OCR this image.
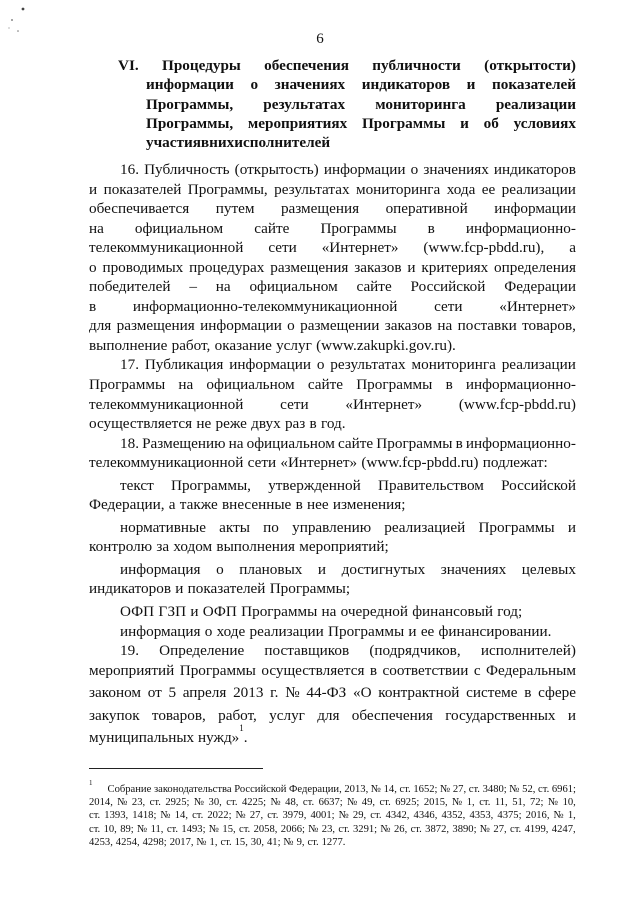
6
VI. Процедуры обеспечения публичности (открытости)
информации о значениях индикаторов и показателей
Программы, результатах мониторинга реализации
Программы, мероприятиях Программы и об условиях
участия в них исполнителей
16. Публичность (открытость) информации о значениях индикаторов
и показателей Программы, результатах мониторинга хода ее реализации
обеспечивается путем размещения оперативной информации
на официальном сайте Программы в информационно-
телекоммуникационной сети «Интернет» (www.fcp-pbdd.ru), а
о проводимых процедурах размещения заказов и критериях определения
победителей – на официальном сайте Российской Федерации
в информационно-телекоммуникационной сети «Интернет»
для размещения информации о размещении заказов на поставки товаров,
выполнение работ, оказание услуг (www.zakupki.gov.ru).
17. Публикация информации о результатах мониторинга реализации
Программы на официальном сайте Программы в информационно-
телекоммуникационной сети «Интернет» (www.fcp-pbdd.ru)
осуществляется не реже двух раз в год.
18. Размещению на официальном сайте Программы в информационно-
телекоммуникационной сети «Интернет» (www.fcp-pbdd.ru) подлежат:
текст Программы, утвержденной Правительством Российской
Федерации, а также внесенные в нее изменения;
нормативные акты по управлению реализацией Программы и
контролю за ходом выполнения мероприятий;
информация о плановых и достигнутых значениях целевых
индикаторов и показателей Программы;
ОФП ГЗП и ОФП Программы на очередной финансовый год;
информация о ходе реализации Программы и ее финансировании.
19. Определение поставщиков (подрядчиков, исполнителей)
мероприятий Программы осуществляется в соответствии с Федеральным
законом от 5 апреля 2013 г. № 44-ФЗ «О контрактной системе в сфере
закупок товаров, работ, услуг для обеспечения государственных и
муниципальных нужд»
1
.
1
Собрание законодательства Российской Федерации, 2013, № 14, ст. 1652; № 27, ст. 3480; № 52, ст. 6961;
2014, № 23, ст. 2925; № 30, ст. 4225; № 48, ст. 6637; № 49, ст. 6925; 2015, № 1, ст. 11, 51, 72; № 10,
ст. 1393, 1418; № 14, ст. 2022; № 27, ст. 3979, 4001; № 29, ст. 4342, 4346, 4352, 4353, 4375; 2016, № 1,
ст. 10, 89; № 11, ст. 1493; № 15, ст. 2058, 2066; № 23, ст. 3291; № 26, ст. 3872, 3890; № 27, ст. 4199, 4247,
4253, 4254, 4298; 2017, № 1, ст. 15, 30, 41; № 9, ст. 1277.
